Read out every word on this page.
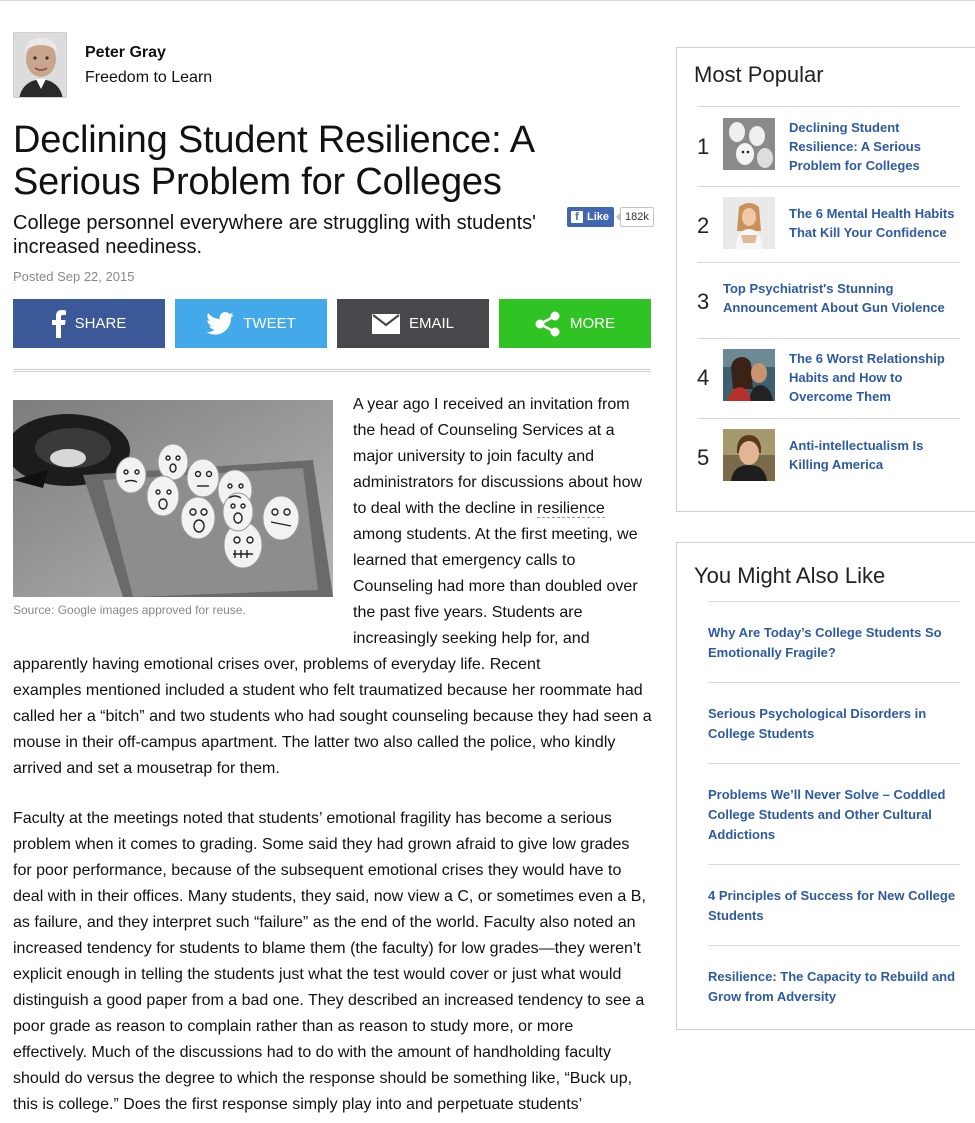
Peter Gray
Freedom to Learn
Declining Student Resilience: A
Serious Problem for Colleges
College personnel everywhere are struggling with students'
increased neediness.
f Like	182k
Posted Sep 22, 2015
SHARE	TWEET	EMAIL	MORE
Source: Google images approved for reuse.
A year ago I received an invitation from
the head of Counseling Services at a
major university to join faculty and
administrators for discussions about how
to deal with the decline in resilience
among students. At the first meeting, we
learned that emergency calls to
Counseling had more than doubled over
the past five years. Students are
increasingly seeking help for, and
apparently having emotional crises over, problems of everyday life. Recent
examples mentioned included a student who felt traumatized because her roommate had
called her a “bitch” and two students who had sought counseling because they had seen a
mouse in their off-campus apartment. The latter two also called the police, who kindly
arrived and set a mousetrap for them.
Faculty at the meetings noted that students’ emotional fragility has become a serious
problem when it comes to grading. Some said they had grown afraid to give low grades
for poor performance, because of the subsequent emotional crises they would have to
deal with in their offices. Many students, they said, now view a C, or sometimes even a B,
as failure, and they interpret such “failure” as the end of the world. Faculty also noted an
increased tendency for students to blame them (the faculty) for low grades—they weren’t
explicit enough in telling the students just what the test would cover or just what would
distinguish a good paper from a bad one. They described an increased tendency to see a
poor grade as reason to complain rather than as reason to study more, or more
effectively. Much of the discussions had to do with the amount of handholding faculty
should do versus the degree to which the response should be something like, “Buck up,
this is college.” Does the first response simply play into and perpetuate students’
Most Popular
1
Declining Student
Resilience: A Serious
Problem for Colleges
2	The 6 Mental Health Habits
That Kill Your Confidence
3
Top Psychiatrist's Stunning
Announcement About Gun Violence
4
The 6 Worst Relationship
Habits and How to
Overcome Them
5	Anti-intellectualism Is
Killing America
You Might Also Like
Why Are Today’s College Students So
Emotionally Fragile?
Serious Psychological Disorders in
College Students
Problems We’ll Never Solve – Coddled
College Students and Other Cultural
Addictions
4 Principles of Success for New College
Students
Resilience: The Capacity to Rebuild and
Grow from Adversity
